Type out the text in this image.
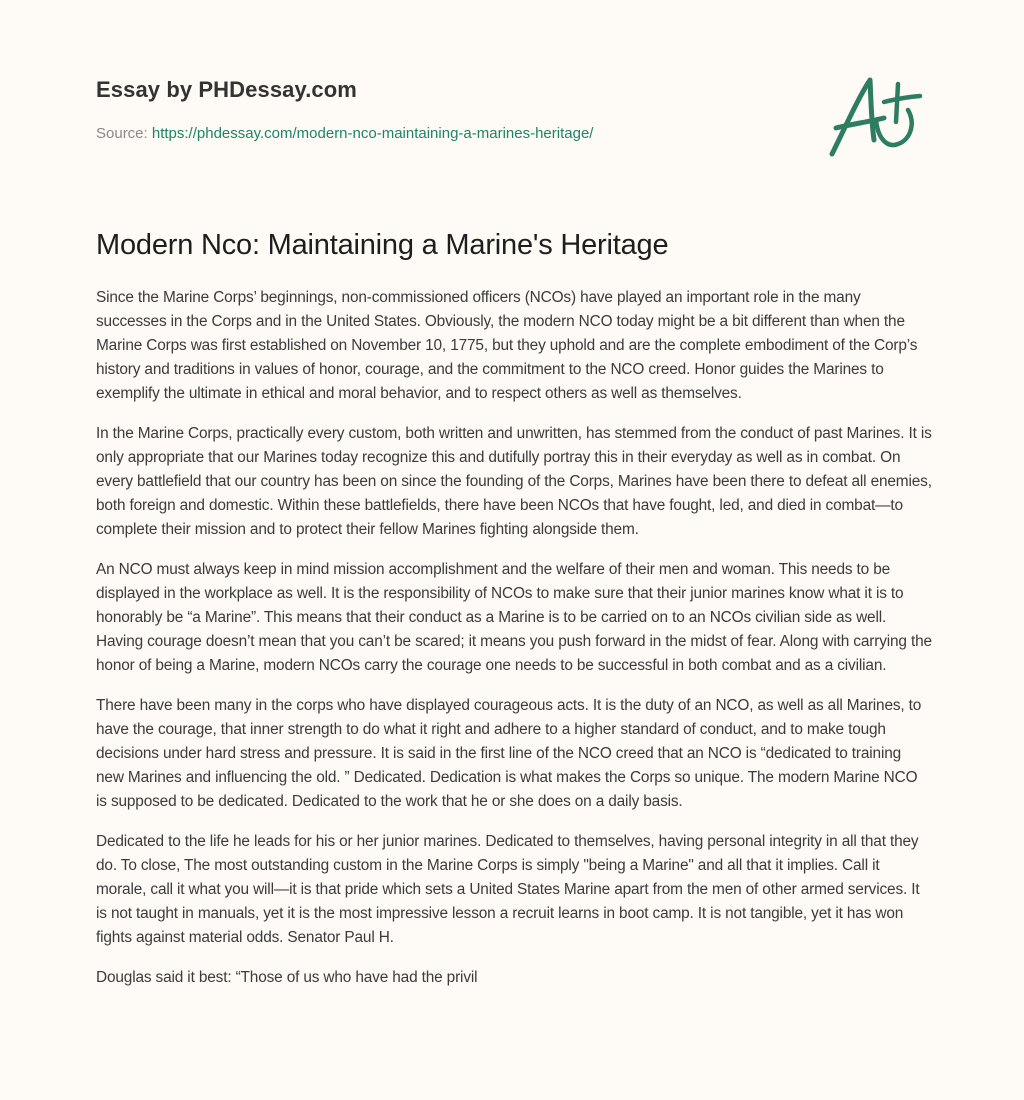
Essay by PHDessay.com
Source: https://phdessay.com/modern-nco-maintaining-a-marines-heritage/
Modern Nco: Maintaining a Marine's Heritage

Since the Marine Corps’ beginnings, non-commissioned officers (NCOs) have played an important role in the many successes in the Corps and in the United States. Obviously, the modern NCO today might be a bit different than when the Marine Corps was first established on November 10, 1775, but they uphold and are the complete embodiment of the Corp’s history and traditions in values of honor, courage, and the commitment to the NCO creed. Honor guides the Marines to exemplify the ultimate in ethical and moral behavior, and to respect others as well as themselves.

In the Marine Corps, practically every custom, both written and unwritten, has stemmed from the conduct of past Marines. It is only appropriate that our Marines today recognize this and dutifully portray this in their everyday as well as in combat. On every battlefield that our country has been on since the founding of the Corps, Marines have been there to defeat all enemies, both foreign and domestic. Within these battlefields, there have been NCOs that have fought, led, and died in combat—to complete their mission and to protect their fellow Marines fighting alongside them.

An NCO must always keep in mind mission accomplishment and the welfare of their men and woman. This needs to be displayed in the workplace as well. It is the responsibility of NCOs to make sure that their junior marines know what it is to honorably be “a Marine”. This means that their conduct as a Marine is to be carried on to an NCOs civilian side as well. Having courage doesn’t mean that you can’t be scared; it means you push forward in the midst of fear. Along with carrying the honor of being a Marine, modern NCOs carry the courage one needs to be successful in both combat and as a civilian.

There have been many in the corps who have displayed courageous acts. It is the duty of an NCO, as well as all Marines, to have the courage, that inner strength to do what it right and adhere to a higher standard of conduct, and to make tough decisions under hard stress and pressure. It is said in the first line of the NCO creed that an NCO is “dedicated to training new Marines and influencing the old. ” Dedicated. Dedication is what makes the Corps so unique. The modern Marine NCO is supposed to be dedicated. Dedicated to the work that he or she does on a daily basis.

Dedicated to the life he leads for his or her junior marines. Dedicated to themselves, having personal integrity in all that they do. To close, The most outstanding custom in the Marine Corps is simply "being a Marine" and all that it implies. Call it morale, call it what you will—it is that pride which sets a United States Marine apart from the men of other armed services. It is not taught in manuals, yet it is the most impressive lesson a recruit learns in boot camp. It is not tangible, yet it has won fights against material odds. Senator Paul H.

Douglas said it best: “Those of us who have had the privil
